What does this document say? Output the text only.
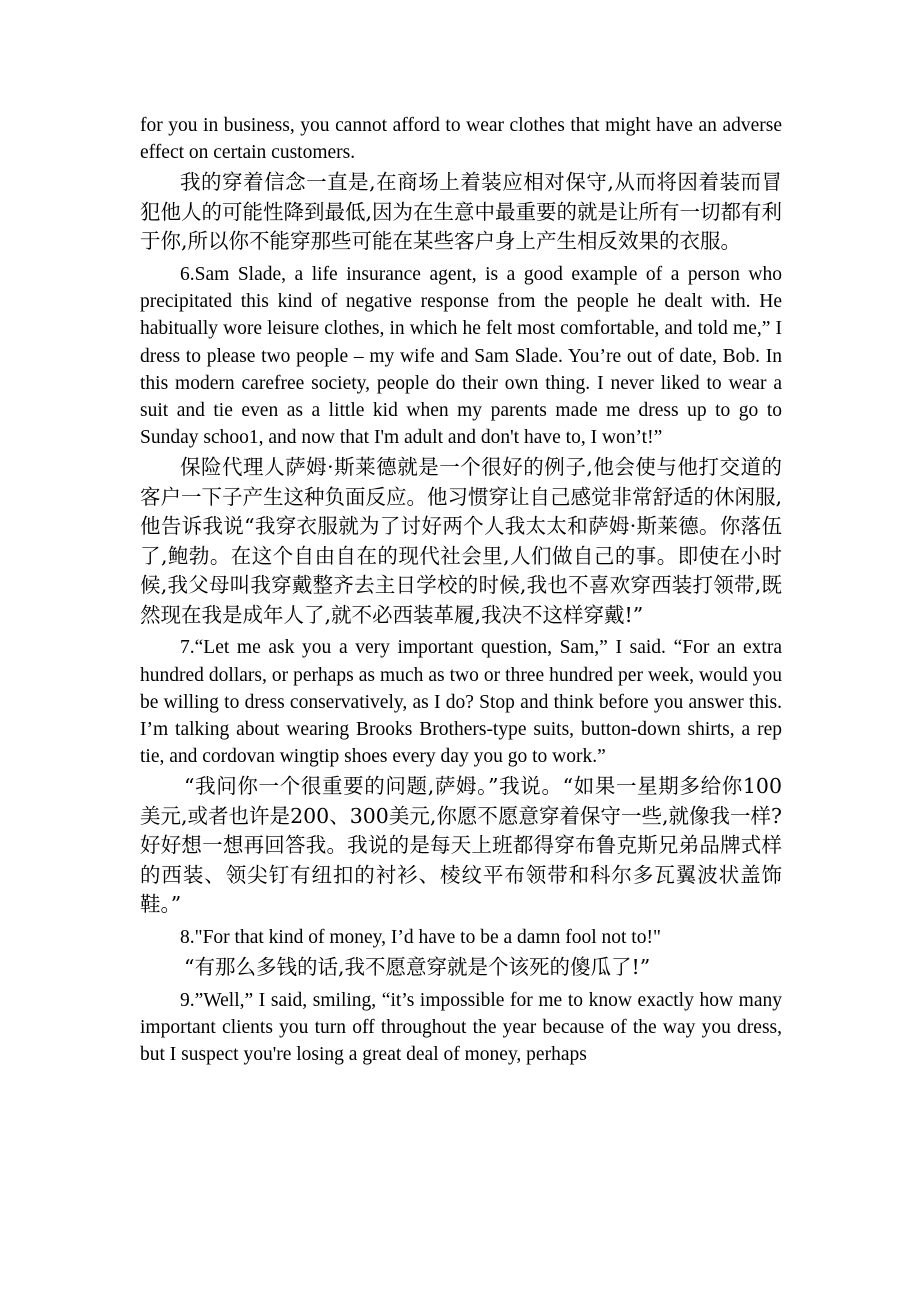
for you in business, you cannot afford to wear clothes that might have an adverse effect on certain customers.

我的穿着信念一直是,在商场上着装应相对保守,从而将因着装而冒犯他人的可能性降到最低,因为在生意中最重要的就是让所有一切都有利于你,所以你不能穿那些可能在某些客户身上产生相反效果的衣服。

6.Sam Slade, a life insurance agent, is a good example of a person who precipitated this kind of negative response from the people he dealt with. He habitually wore leisure clothes, in which he felt most comfortable, and told me,” I dress to please two people – my wife and Sam Slade. You’re out of date, Bob. In this modern carefree society, people do their own thing. I never liked to wear a suit and tie even as a little kid when my parents made me dress up to go to Sunday schoo1, and now that I'm adult and don't have to, I won’t!”

保险代理人萨姆·斯莱德就是一个很好的例子,他会使与他打交道的客户一下子产生这种负面反应。他习惯穿让自己感觉非常舒适的休闲服,他告诉我说“我穿衣服就为了讨好两个人我太太和萨姆·斯莱德。你落伍了,鲍勃。在这个自由自在的现代社会里,人们做自己的事。即使在小时候,我父母叫我穿戴整齐去主日学校的时候,我也不喜欢穿西装打领带,既然现在我是成年人了,就不必西装革履,我决不这样穿戴!”

7.“Let me ask you a very important question, Sam,” I said. “For an extra hundred dollars, or perhaps as much as two or three hundred per week, would you be willing to dress conservatively, as I do? Stop and think before you answer this. I’m talking about wearing Brooks Brothers-type suits, button-down shirts, a rep tie, and cordovan wingtip shoes every day you go to work.”

“我问你一个很重要的问题,萨姆。”我说。“如果一星期多给你100美元,或者也许是200、300美元,你愿不愿意穿着保守一些,就像我一样?好好想一想再回答我。我说的是每天上班都得穿布鲁克斯兄弟品牌式样的西装、领尖钉有纽扣的衬衫、棱纹平布领带和科尔多瓦翼波状盖饰鞋。”

8."For that kind of money, I’d have to be a damn fool not to!"

“有那么多钱的话,我不愿意穿就是个该死的傻瓜了!”

9.”Well,” I said, smiling, “it’s impossible for me to know exactly how many important clients you turn off throughout the year because of the way you dress, but I suspect you're losing a great deal of money, perhaps
